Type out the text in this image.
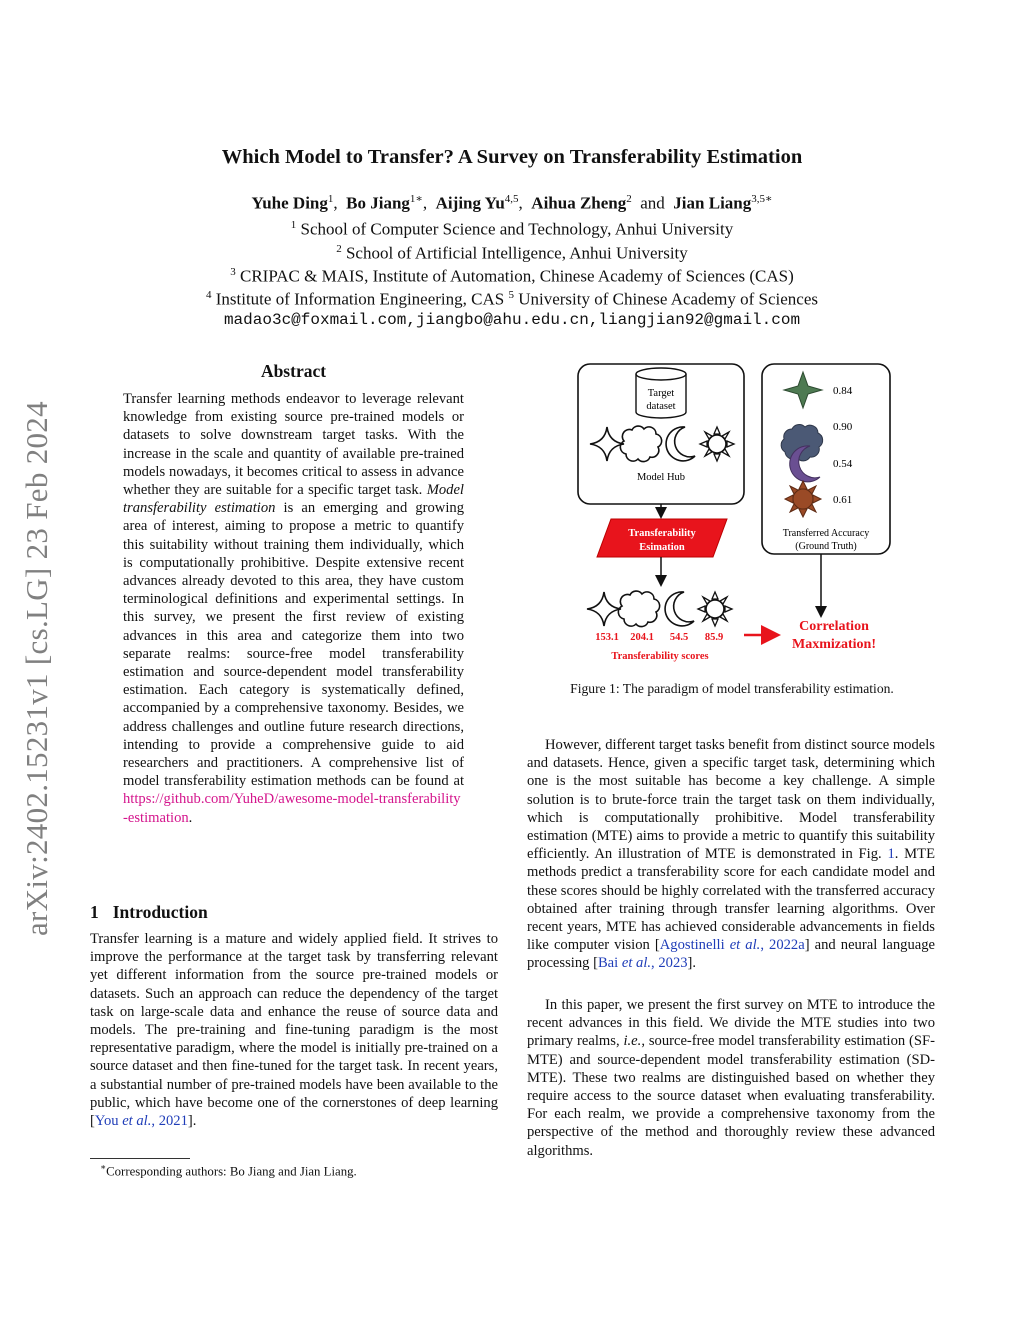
arXiv:2402.15231v1 [cs.LG] 23 Feb 2024
Which Model to Transfer? A Survey on Transferability Estimation
Yuhe Ding$^1$, Bo Jiang$^{1∗}$, Aijing Yu$^{4,5}$, Aihua Zheng$^2$ and Jian Liang$^{3,5∗}$
$^1$ School of Computer Science and Technology, Anhui University
$^2$ School of Artificial Intelligence, Anhui University
$^3$ CRIPAC & MAIS, Institute of Automation, Chinese Academy of Sciences (CAS)
$^4$ Institute of Information Engineering, CAS $^5$ University of Chinese Academy of Sciences
madao3c@foxmail.com,jiangbo@ahu.edu.cn,liangjian92@gmail.com
Abstract

Transfer learning methods endeavor to leverage relevant knowledge from existing source pre-trained models or datasets to solve downstream target tasks. With the increase in the scale and quantity of available pre-trained models nowadays, it becomes critical to assess in advance whether they are suitable for a specific target task. Model transferability estimation is an emerging and growing area of interest, aiming to propose a metric to quantify this suitability without training them individually, which is computationally prohibitive. Despite extensive recent advances already devoted to this area, they have custom terminological definitions and experimental settings. In this survey, we present the first review of existing advances in this area and categorize them into two separate realms: source-free model transferability estimation and source-dependent model transferability estimation. Each category is systematically defined, accompanied by a comprehensive taxonomy. Besides, we address challenges and outline future research directions, intending to provide a comprehensive guide to aid researchers and practitioners. A comprehensive list of model transferability estimation methods can be found at https://github.com/YuheD/awesome-model-transferability-estimation.

1 Introduction

Transfer learning is a mature and widely applied field. It strives to improve the performance at the target task by transferring relevant yet different information from the source pre-trained models or datasets. Such an approach can reduce the dependency of the target task on large-scale data and enhance the reuse of source data and models. The pre-training and fine-tuning paradigm is the most representative paradigm, where the model is initially pre-trained on a source dataset and then fine-tuned for the target task. In recent years, a substantial number of pre-trained models have been available to the public, which have become one of the cornerstones of deep learning [You et al., 2021].

∗Corresponding authors: Bo Jiang and Jian Liang.
Target
dataset
Model Hub
Transferability
Esimation
153.1 204.1 54.5 85.9
Transferability scores
Correlation
Maxmization!
0.84
0.90
0.54
0.61
Transferred Accuracy
(Ground Truth)
Figure 1: The paradigm of model transferability estimation.

However, different target tasks benefit from distinct source models and datasets. Hence, given a specific target task, determining which one is the most suitable has become a key challenge. A simple solution is to brute-force train the target task on them individually, which is computationally prohibitive. Model transferability estimation (MTE) aims to provide a metric to quantify this suitability efficiently. An illustration of MTE is demonstrated in Fig. 1. MTE methods predict a transferability score for each candidate model and these scores should be highly correlated with the transferred accuracy obtained after training through transfer learning algorithms. Over recent years, MTE has achieved considerable advancements in fields like computer vision [Agostinelli et al., 2022a] and neural language processing [Bai et al., 2023].

In this paper, we present the first survey on MTE to introduce the recent advances in this field. We divide the MTE studies into two primary realms, i.e., source-free model transferability estimation (SF-MTE) and source-dependent model transferability estimation (SD-MTE). These two realms are distinguished based on whether they require access to the source dataset when evaluating transferability. For each realm, we provide a comprehensive taxonomy from the perspective of the method and thoroughly review these advanced algorithms.
